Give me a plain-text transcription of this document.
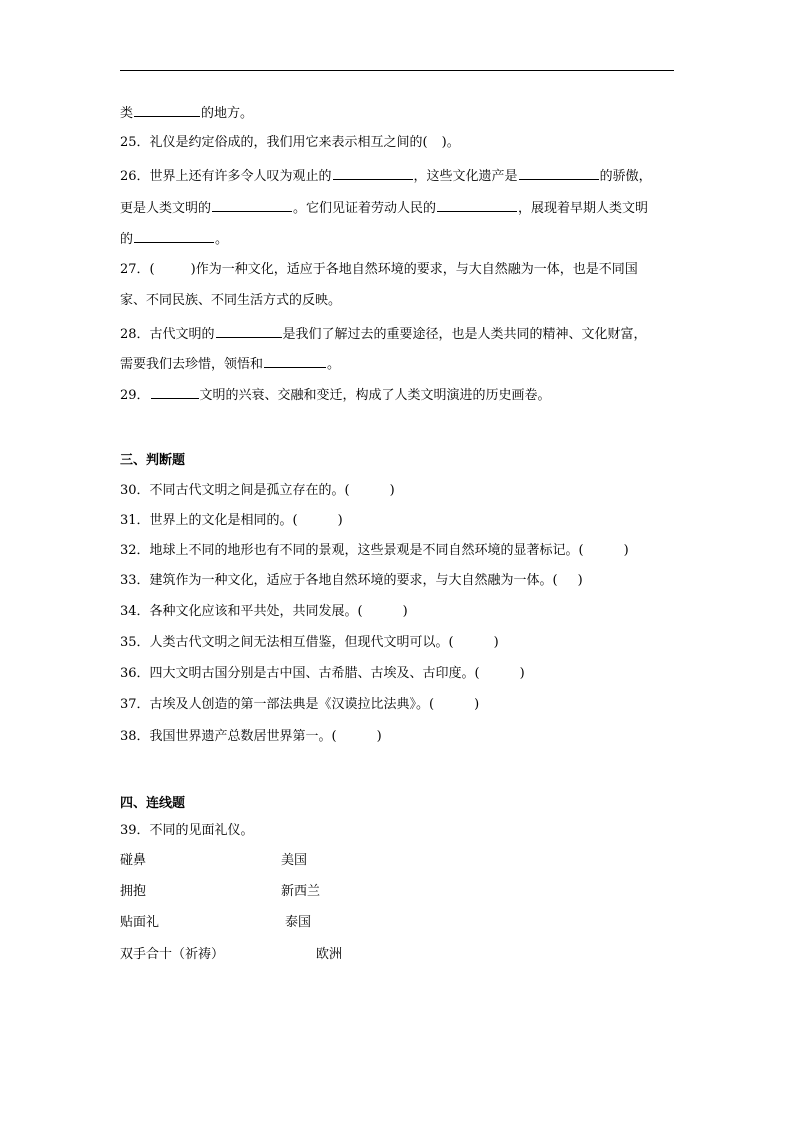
类	的地方。
25．礼仪是约定俗成的，我们用它来表示相互之间的( )。
26．世界上还有许多令人叹为观止的	，这些文化遗产是	的骄傲，
更是人类文明的	。它们见证着劳动人民的	，展现着早期人类文明
的	。
27．(	)作为一种文化，适应于各地自然环境的要求，与大自然融为一体，也是不同国
家、不同民族、不同生活方式的反映。
28．古代文明的	是我们了解过去的重要途径，也是人类共同的精神、文化财富，
需要我们去珍惜，领悟和	。
29．	文明的兴衰、交融和变迁，构成了人类文明演进的历史画卷。
三、判断题
30．不同古代文明之间是孤立存在的。(	)
31．世界上的文化是相同的。(	)
32．地球上不同的地形也有不同的景观，这些景观是不同自然环境的显著标记。(	)
33．建筑作为一种文化，适应于各地自然环境的要求，与大自然融为一体。( )
34．各种文化应该和平共处，共同发展。(	)
35．人类古代文明之间无法相互借鉴，但现代文明可以。(	)
36．四大文明古国分别是古中国、古希腊、古埃及、古印度。(	)
37．古埃及人创造的第一部法典是《汉谟拉比法典》。(	)
38．我国世界遗产总数居世界第一。(	)
四、连线题
39．不同的见面礼仪。
碰鼻	美国
拥抱	新西兰
贴面礼	泰国
双手合十（祈祷）	欧洲
